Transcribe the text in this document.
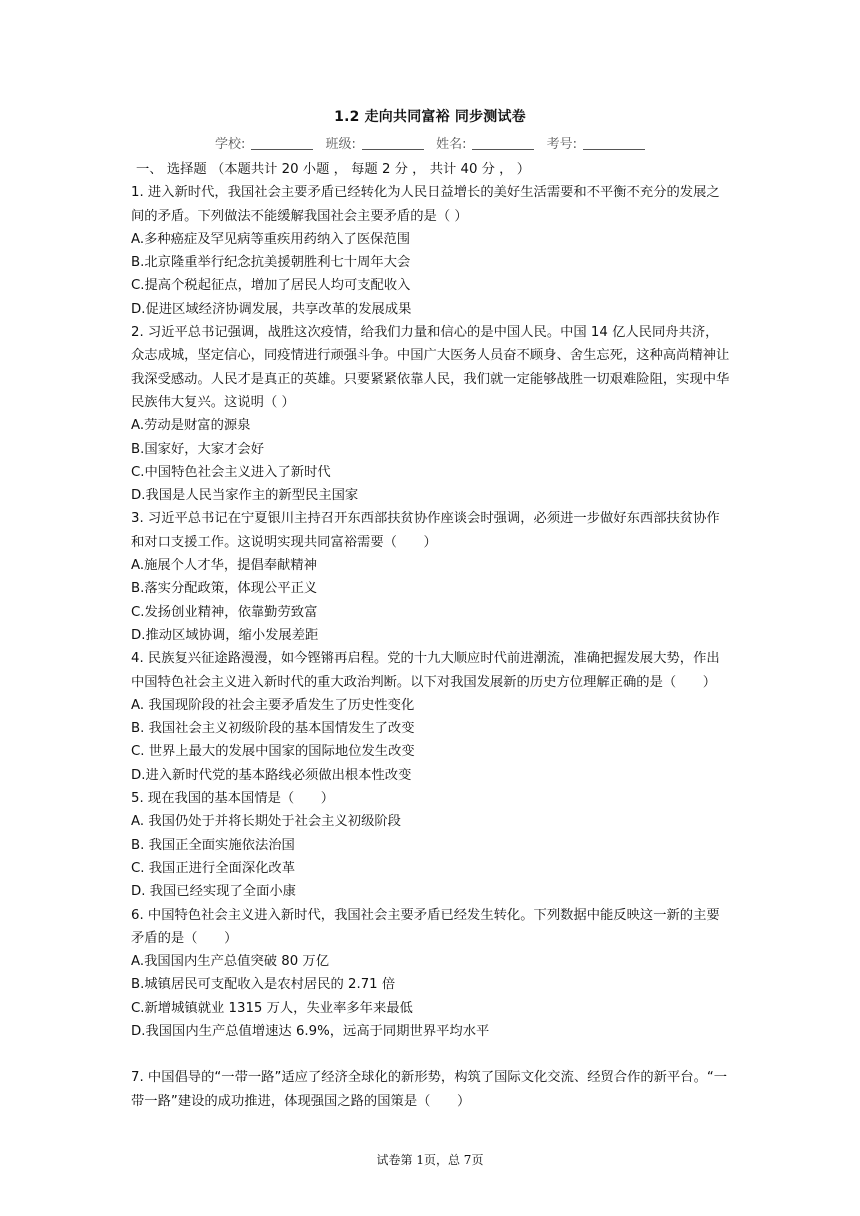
1.2 走向共同富裕 同步测试卷
学校:	班级:	姓名:	考号:

一、 选择题 （本题共计 20 小题 ， 每题 2 分 ， 共计 40 分 ， ）

1. 进入新时代，我国社会主要矛盾已经转化为人民日益增长的美好生活需要和不平衡不充分的发展之间的矛盾。下列做法不能缓解我国社会主要矛盾的是（ ）

A.多种癌症及罕见病等重疾用药纳入了医保范围

B.北京隆重举行纪念抗美援朝胜利七十周年大会

C.提高个税起征点，增加了居民人均可支配收入

D.促进区域经济协调发展，共享改革的发展成果

2. 习近平总书记强调，战胜这次疫情，给我们力量和信心的是中国人民。中国 14 亿人民同舟共济，众志成城，坚定信心，同疫情进行顽强斗争。中国广大医务人员奋不顾身、舍生忘死，这种高尚精神让我深受感动。人民才是真正的英雄。只要紧紧依靠人民，我们就一定能够战胜一切艰难险阻，实现中华民族伟大复兴。这说明（ ）

A.劳动是财富的源泉

B.国家好，大家才会好

C.中国特色社会主义进入了新时代

D.我国是人民当家作主的新型民主国家

3. 习近平总书记在宁夏银川主持召开东西部扶贫协作座谈会时强调，必须进一步做好东西部扶贫协作和对口支援工作。这说明实现共同富裕需要（　　）

A.施展个人才华，提倡奉献精神

B.落实分配政策，体现公平正义

C.发扬创业精神，依靠勤劳致富

D.推动区域协调，缩小发展差距

4. 民族复兴征途路漫漫，如今铿锵再启程。党的十九大顺应时代前进潮流，准确把握发展大势，作出中国特色社会主义进入新时代的重大政治判断。以下对我国发展新的历史方位理解正确的是（　　）

A. 我国现阶段的社会主要矛盾发生了历史性变化

B. 我国社会主义初级阶段的基本国情发生了改变

C. 世界上最大的发展中国家的国际地位发生改变

D.进入新时代党的基本路线必须做出根本性改变

5. 现在我国的基本国情是（　　）

A. 我国仍处于并将长期处于社会主义初级阶段

B. 我国正全面实施依法治国

C. 我国正进行全面深化改革

D. 我国已经实现了全面小康

6. 中国特色社会主义进入新时代，我国社会主要矛盾已经发生转化。下列数据中能反映这一新的主要矛盾的是（　　）

A.我国国内生产总值突破 80 万亿

B.城镇居民可支配收入是农村居民的 2.71 倍

C.新增城镇就业 1315 万人，失业率多年来最低

D.我国国内生产总值增速达 6.9%，远高于同期世界平均水平

7. 中国倡导的“一带一路”适应了经济全球化的新形势，构筑了国际文化交流、经贸合作的新平台。“一带一路”建设的成功推进，体现强国之路的国策是（　　）

试卷第 1页，总 7页
